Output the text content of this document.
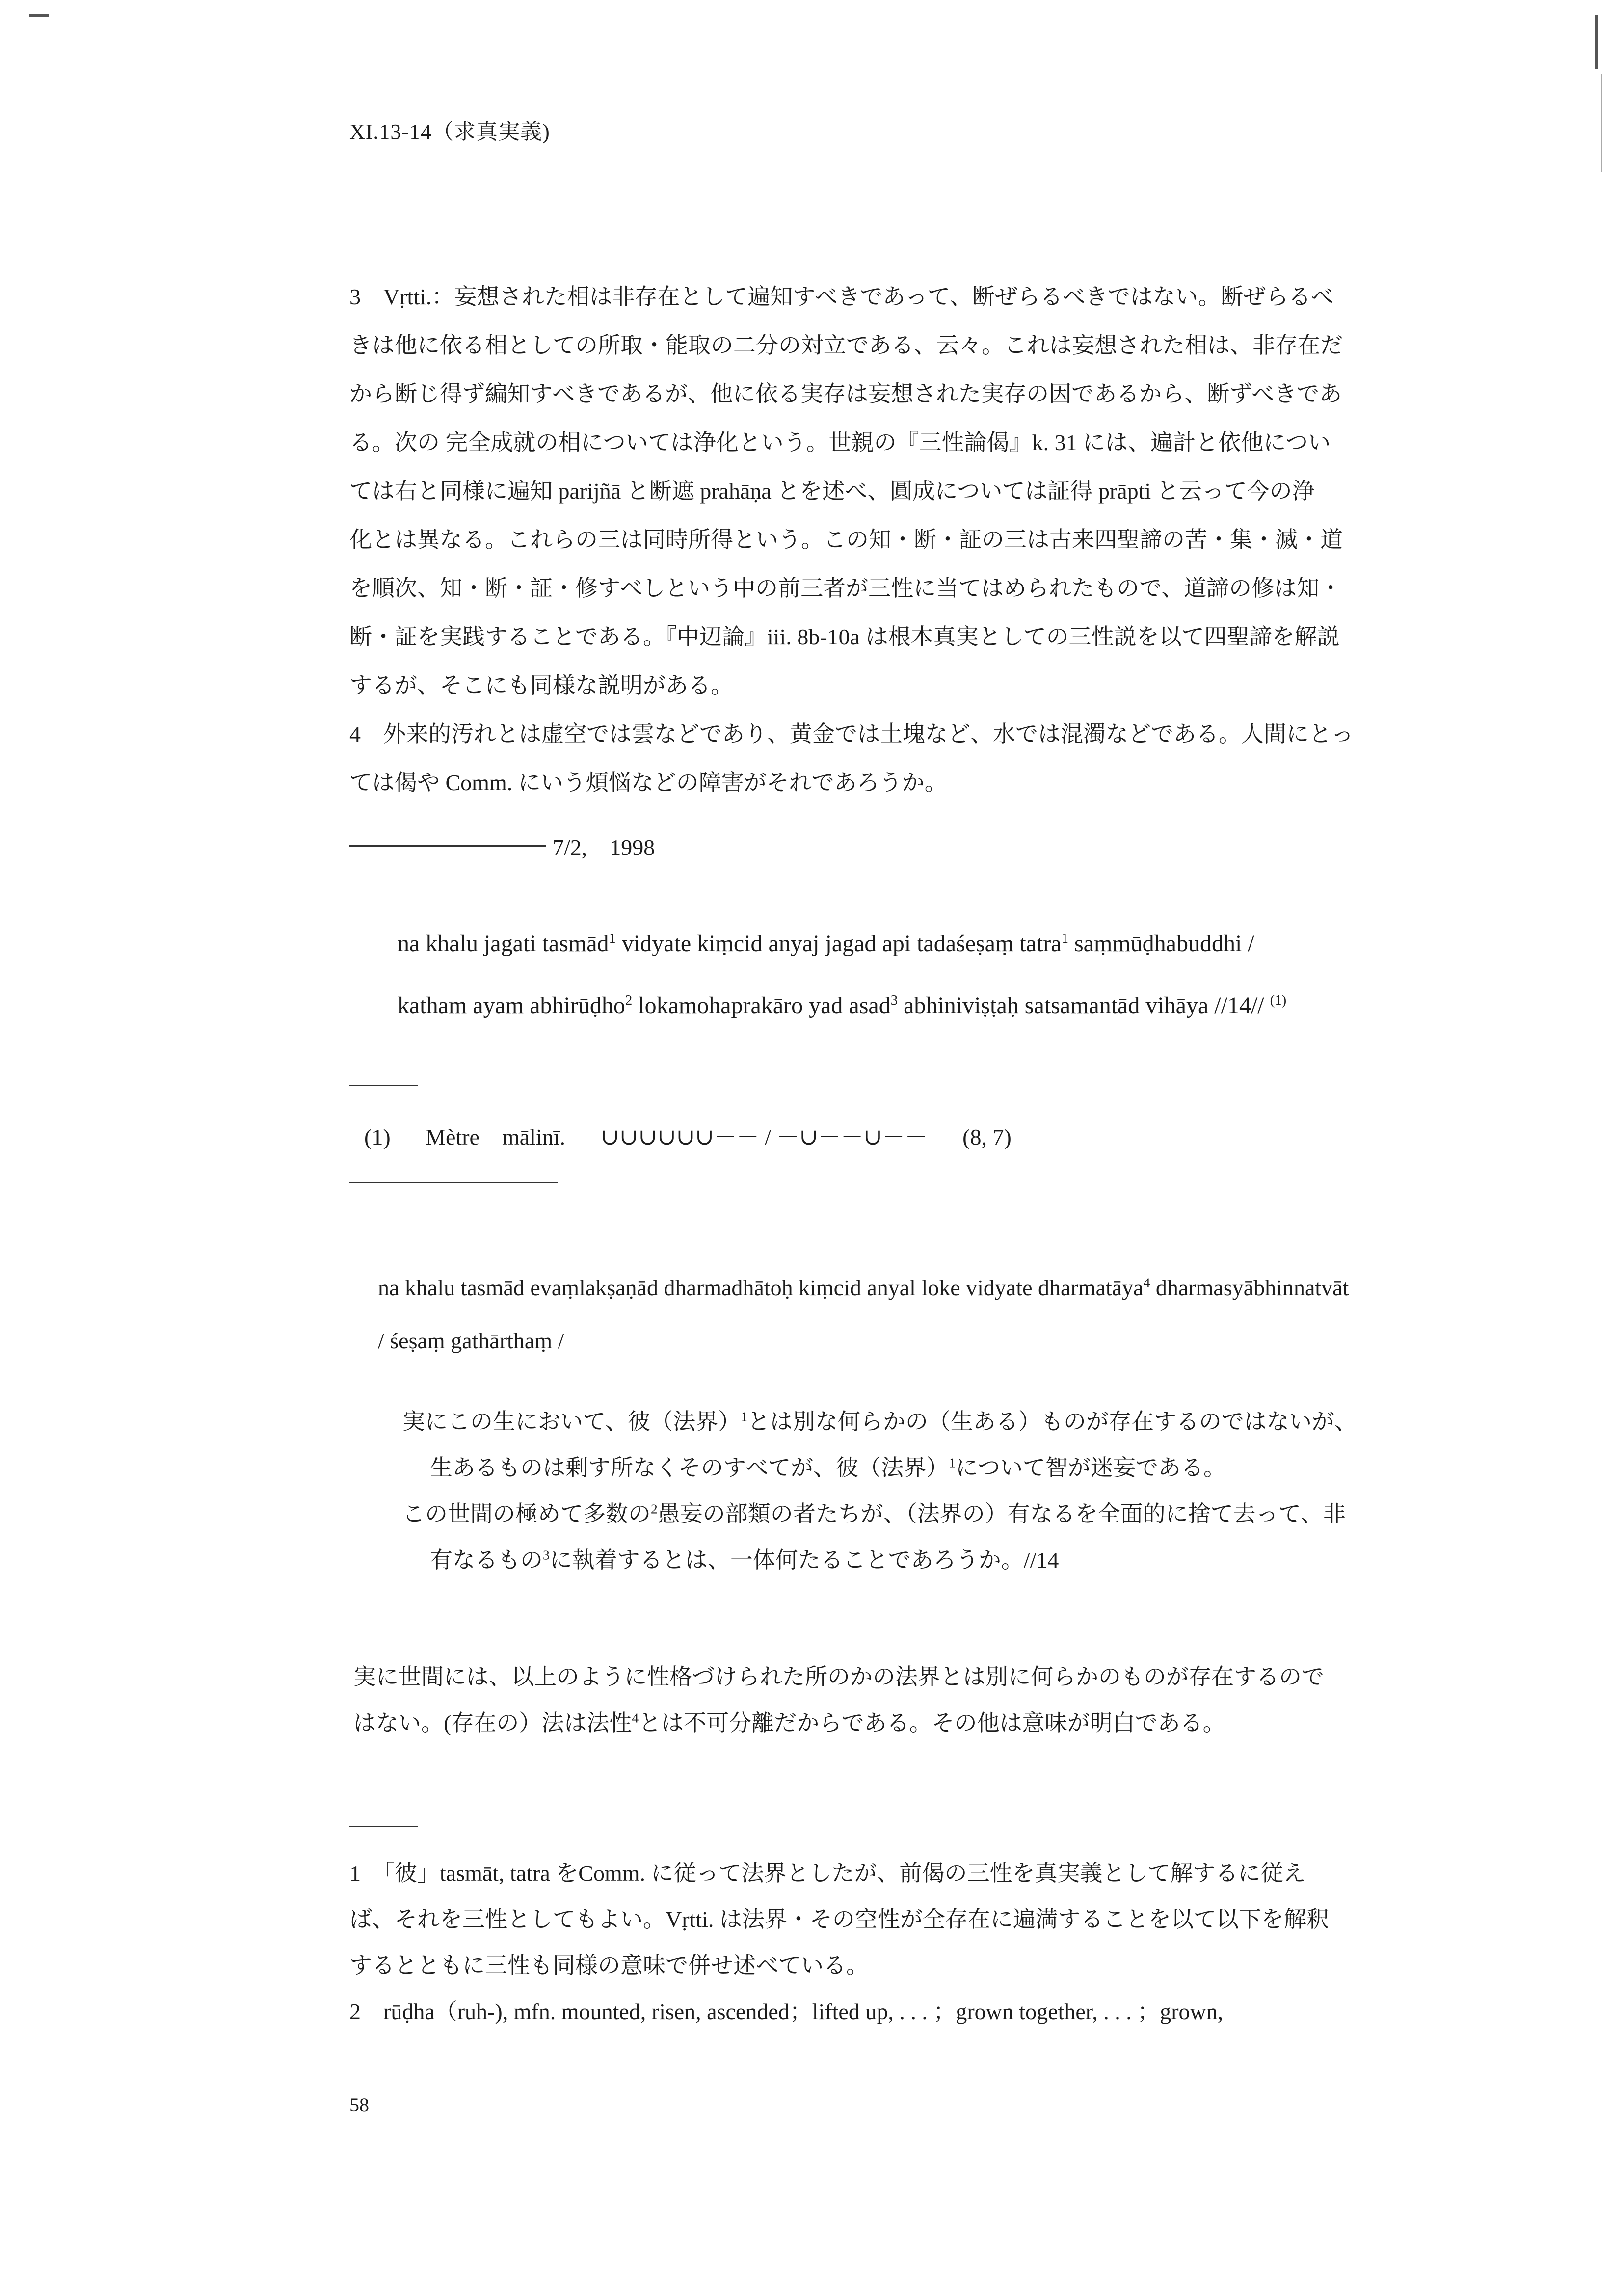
XI.13-14（求真実義)

3　Vṛtti.：妄想された相は非存在として遍知すべきであって、断ぜらるべきではない。断ぜらるべ
きは他に依る相としての所取・能取の二分の対立である、云々。これは妄想された相は、非存在だ
から断じ得ず編知すべきであるが、他に依る実存は妄想された実存の因であるから、断ずべきであ
る。次の 完全成就の相については浄化という。世親の『三性論偈』k. 31 には、遍計と依他につい
ては右と同様に遍知 parijñā と断遮 prahāṇa とを述べ、圓成については証得 prāpti と云って今の浄
化とは異なる。これらの三は同時所得という。この知・断・証の三は古来四聖諦の苦・集・滅・道
を順次、知・断・証・修すべしという中の前三者が三性に当てはめられたもので、道諦の修は知・
断・証を実践することである。『中辺論』iii. 8b-10a は根本真実としての三性説を以て四聖諦を解説
するが、そこにも同様な説明がある。

4　外来的汚れとは虚空では雲などであり、黄金では土塊など、水では混濁などである。人間にとっ
ては偈や Comm. にいう煩悩などの障害がそれであろうか。

7/2,　1998
na khalu jagati tasmād$^1$ vidyate kiṃcid anyaj jagad api tadaśeṣaṃ tatra$^1$ saṃmūḍhabuddhi /
katham ayam abhirūḍho$^2$ lokamohaprakāro yad asad$^3$ abhiniviṣṭaḥ satsamantād vihāya //14// $^{(1)}$
(1) Mètre　mālinī. ∪∪∪∪∪∪－－ / －∪－－∪－－ (8, 7)
na khalu tasmād evaṃlakṣaṇād dharmadhātoḥ kiṃcid anyal loke vidyate dharmatāya$^4$ dharmasyābhinnatvāt
/ śeṣaṃ gathārthaṃ /
実にこの生において、彼（法界）$^1$とは別な何らかの（生ある）ものが存在するのではないが、
生あるものは剰す所なくそのすべてが、彼（法界）$^1$について智が迷妄である。
この世間の極めて多数の$^2$愚妄の部類の者たちが、（法界の）有なるを全面的に捨て去って、非
有なるもの$^3$に執着するとは、一体何たることであろうか。//14
実に世間には、以上のように性格づけられた所のかの法界とは別に何らかのものが存在するので
はない。(存在の）法は法性$^4$とは不可分離だからである。その他は意味が明白である。
1　「彼」tasmāt, tatra をComm. に従って法界としたが、前偈の三性を真実義として解するに従え
ば、それを三性としてもよい。Vṛtti. は法界・その空性が全存在に遍満することを以て以下を解釈
するとともに三性も同様の意味で併せ述べている。
2　rūḍha（ruh-), mfn. mounted, risen, ascended；lifted up, . . . ；grown together, . . . ；grown,
58
